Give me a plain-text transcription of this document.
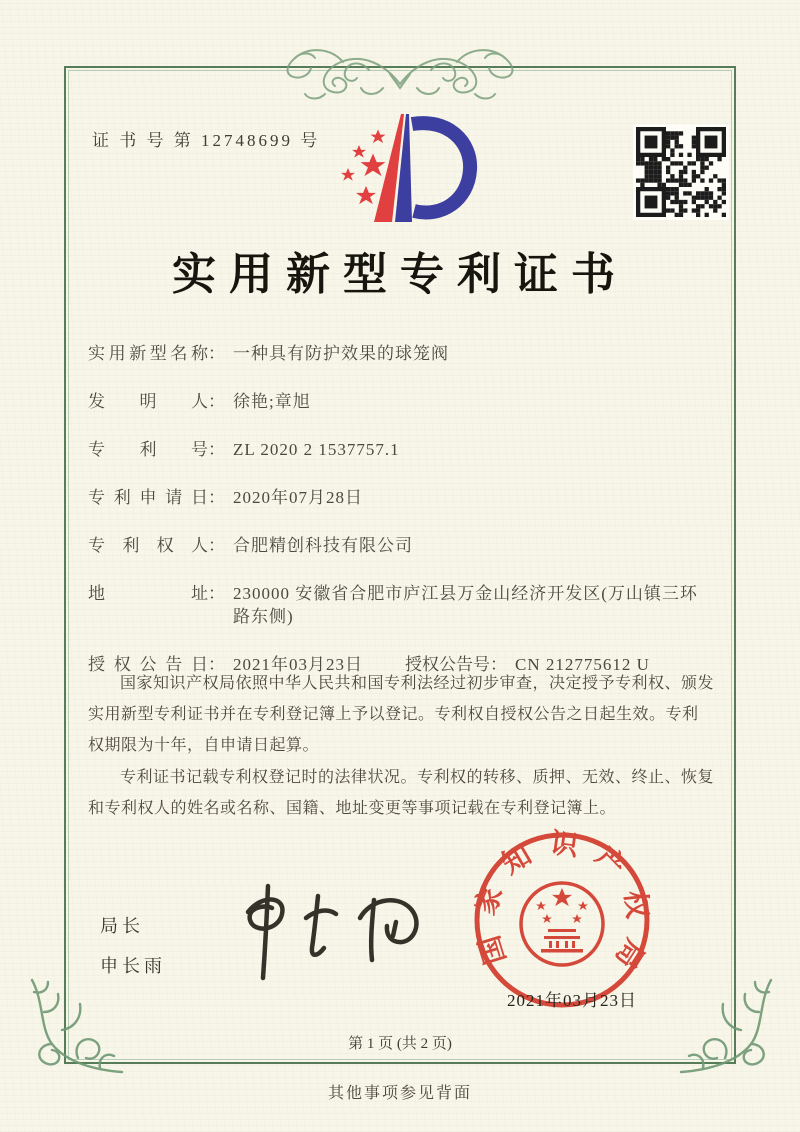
证 书 号 第 12748699 号
实用新型专利证书
实用新型名称： 一种具有防护效果的球笼阀
发明人： 徐艳;章旭
专利号： ZL 2020 2 1537757.1
专利申请日： 2020年07月28日
专利权人： 合肥精创科技有限公司
地址： 230000 安徽省合肥市庐江县万金山经济开发区(万山镇三环路东侧)
授权公告日： 2021年03月23日 授权公告号： CN 212775612 U

国家知识产权局依照中华人民共和国专利法经过初步审查，决定授予专利权、颁发实用新型专利证书并在专利登记簿上予以登记。专利权自授权公告之日起生效。专利权期限为十年，自申请日起算。

专利证书记载专利权登记时的法律状况。专利权的转移、质押、无效、终止、恢复和专利权人的姓名或名称、国籍、地址变更等事项记载在专利登记簿上。

局长
申长雨	国家知识产权局
2021年03月23日
第 1 页 (共 2 页)
其他事项参见背面
